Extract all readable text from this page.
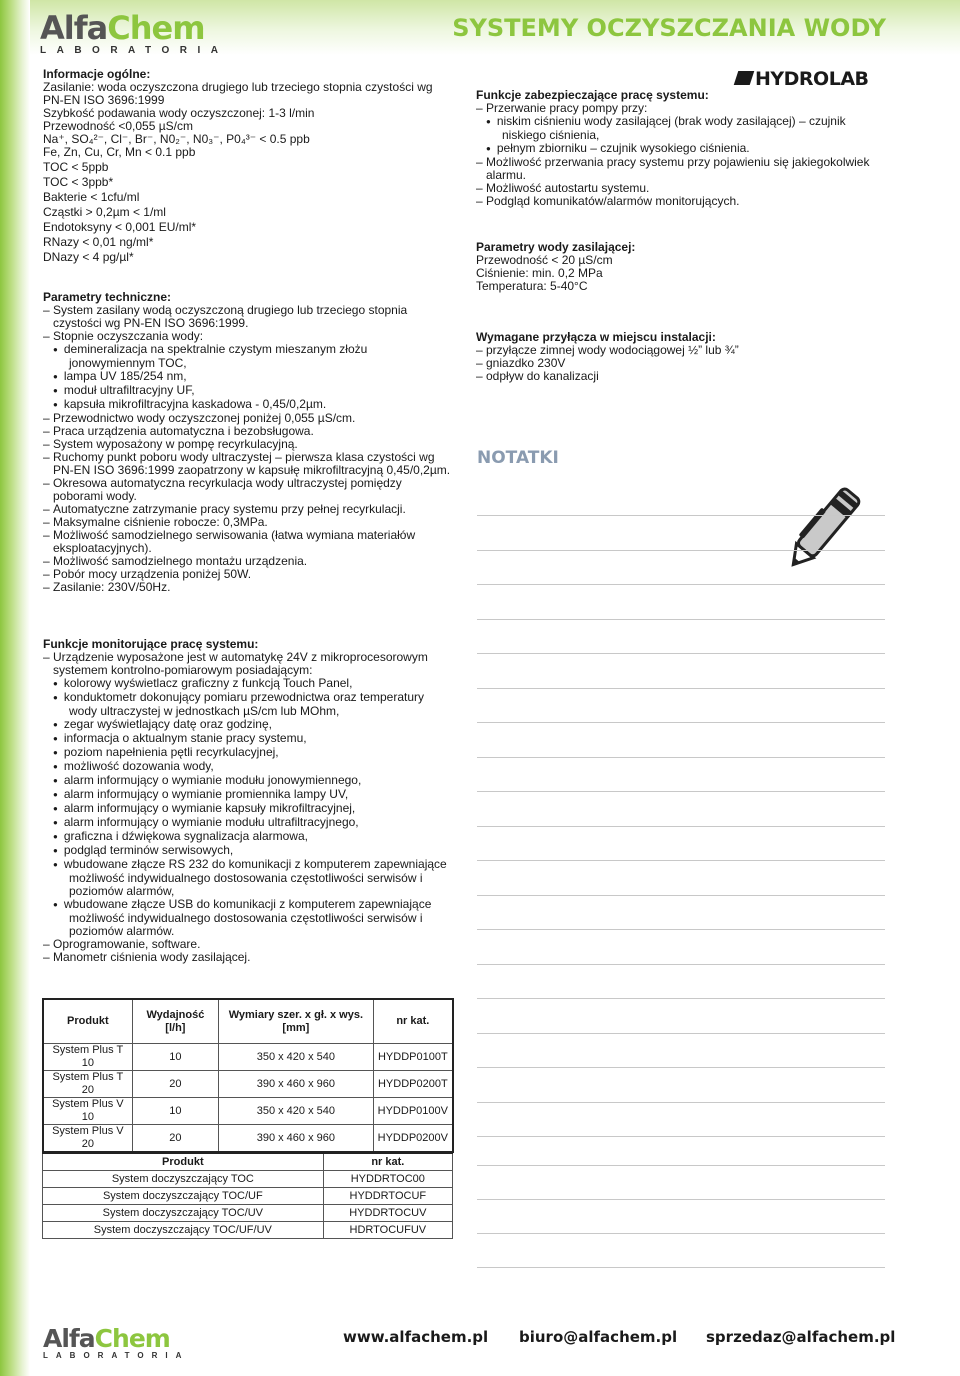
AlfaChem
LABORATORIA
SYSTEMY OCZYSZCZANIA WODY
HYDROLAB
Informacje ogólne:
Zasilanie: woda oczyszczona drugiego lub trzeciego stopnia czystości wg
PN-EN ISO 3696:1999
Szybkość podawania wody oczyszczonej: 1-3 l/min
Przewodność <0,055 µS/cm
Na⁺, SO₄²⁻, Cl⁻, Br⁻, N0₂⁻, N0₃⁻, P0₄³⁻ < 0.5 ppb
Fe, Zn, Cu, Cr, Mn < 0.1 ppb
TOC < 5ppb
TOC < 3ppb*
Bakterie < 1cfu/ml
Cząstki > 0,2µm < 1/ml
Endotoksyny < 0,001 EU/ml*
RNazy < 0,01 ng/ml*
DNazy < 4 pg/µl*
Parametry techniczne:
– System zasilany wodą oczyszczoną drugiego lub trzeciego stopnia
czystości wg PN-EN ISO 3696:1999.
– Stopnie oczyszczania wody:
● demineralizacja na spektralnie czystym mieszanym złożu
jonowymiennym TOC,
● lampa UV 185/254 nm,
● moduł ultrafiltracyjny UF,
● kapsuła mikrofiltracyjna kaskadowa - 0,45/0,2µm.
– Przewodnictwo wody oczyszczonej poniżej 0,055 µS/cm.
– Praca urządzenia automatyczna i bezobsługowa.
– System wyposażony w pompę recyrkulacyjną.
– Ruchomy punkt poboru wody ultraczystej – pierwsza klasa czystości wg
PN-EN ISO 3696:1999 zaopatrzony w kapsułę mikrofiltracyjną 0,45/0,2µm.
– Okresowa automatyczna recyrkulacja wody ultraczystej pomiędzy
poborami wody.
– Automatyczne zatrzymanie pracy systemu przy pełnej recyrkulacji.
– Maksymalne ciśnienie robocze: 0,3MPa.
– Możliwość samodzielnego serwisowania (łatwa wymiana materiałów
eksploatacyjnych).
– Możliwość samodzielnego montażu urządzenia.
– Pobór mocy urządzenia poniżej 50W.
– Zasilanie: 230V/50Hz.
Funkcje zabezpieczające pracę systemu:
– Przerwanie pracy pompy przy:
● niskim ciśnieniu wody zasilającej (brak wody zasilającej) – czujnik
niskiego ciśnienia,
● pełnym zbiorniku – czujnik wysokiego ciśnienia.
– Możliwość przerwania pracy systemu przy pojawieniu się jakiegokolwiek
alarmu.
– Możliwość autostartu systemu.
– Podgląd komunikatów/alarmów monitorujących.
Parametry wody zasilającej:
Przewodność < 20 µS/cm
Ciśnienie: min. 0,2 MPa
Temperatura: 5-40°C
Wymagane przyłącza w miejscu instalacji:
– przyłącze zimnej wody wodociągowej ½” lub ¾”
– gniazdko 230V
– odpływ do kanalizacji
NOTATKI
Funkcje monitorujące pracę systemu:
– Urządzenie wyposażone jest w automatykę 24V z mikroprocesorowym
systemem kontrolno-pomiarowym posiadającym:
● kolorowy wyświetlacz graficzny z funkcją Touch Panel,
● konduktometr dokonujący pomiaru przewodnictwa oraz temperatury
wody ultraczystej w jednostkach µS/cm lub MOhm,
● zegar wyświetlający datę oraz godzinę,
● informacja o aktualnym stanie pracy systemu,
● poziom napełnienia pętli recyrkulacyjnej,
● możliwość dozowania wody,
● alarm informujący o wymianie modułu jonowymiennego,
● alarm informujący o wymianie promiennika lampy UV,
● alarm informujący o wymianie kapsuły mikrofiltracyjnej,
● alarm informujący o wymianie modułu ultrafiltracyjnego,
● graficzna i dźwiękowa sygnalizacja alarmowa,
● podgląd terminów serwisowych,
● wbudowane złącze RS 232 do komunikacji z komputerem zapewniające
możliwość indywidualnego dostosowania częstotliwości serwisów i
poziomów alarmów,
● wbudowane złącze USB do komunikacji z komputerem zapewniające
możliwość indywidualnego dostosowania częstotliwości serwisów i
poziomów alarmów.
– Oprogramowanie, software.
– Manometr ciśnienia wody zasilającej.
Produkt	Wydajność [l/h]	Wymiary szer. x gł. x wys. [mm]	nr kat.
System Plus T 10	10	350 x 420 x 540	HYDDP0100T
System Plus T 20	20	390 x 460 x 960	HYDDP0200T
System Plus V 10	10	350 x 420 x 540	HYDDP0100V
System Plus V 20	20	390 x 460 x 960	HYDDP0200V
Produkt	nr kat.
System doczyszczający TOC	HYDDRTOC00
System doczyszczający TOC/UF	HYDDRTOCUF
System doczyszczający TOC/UV	HYDDRTOCUV
System doczyszczający TOC/UF/UV	HDRTOCUFUV
AlfaChem
LABORATORIA
www.alfachem.pl biuro@alfachem.pl sprzedaz@alfachem.pl
